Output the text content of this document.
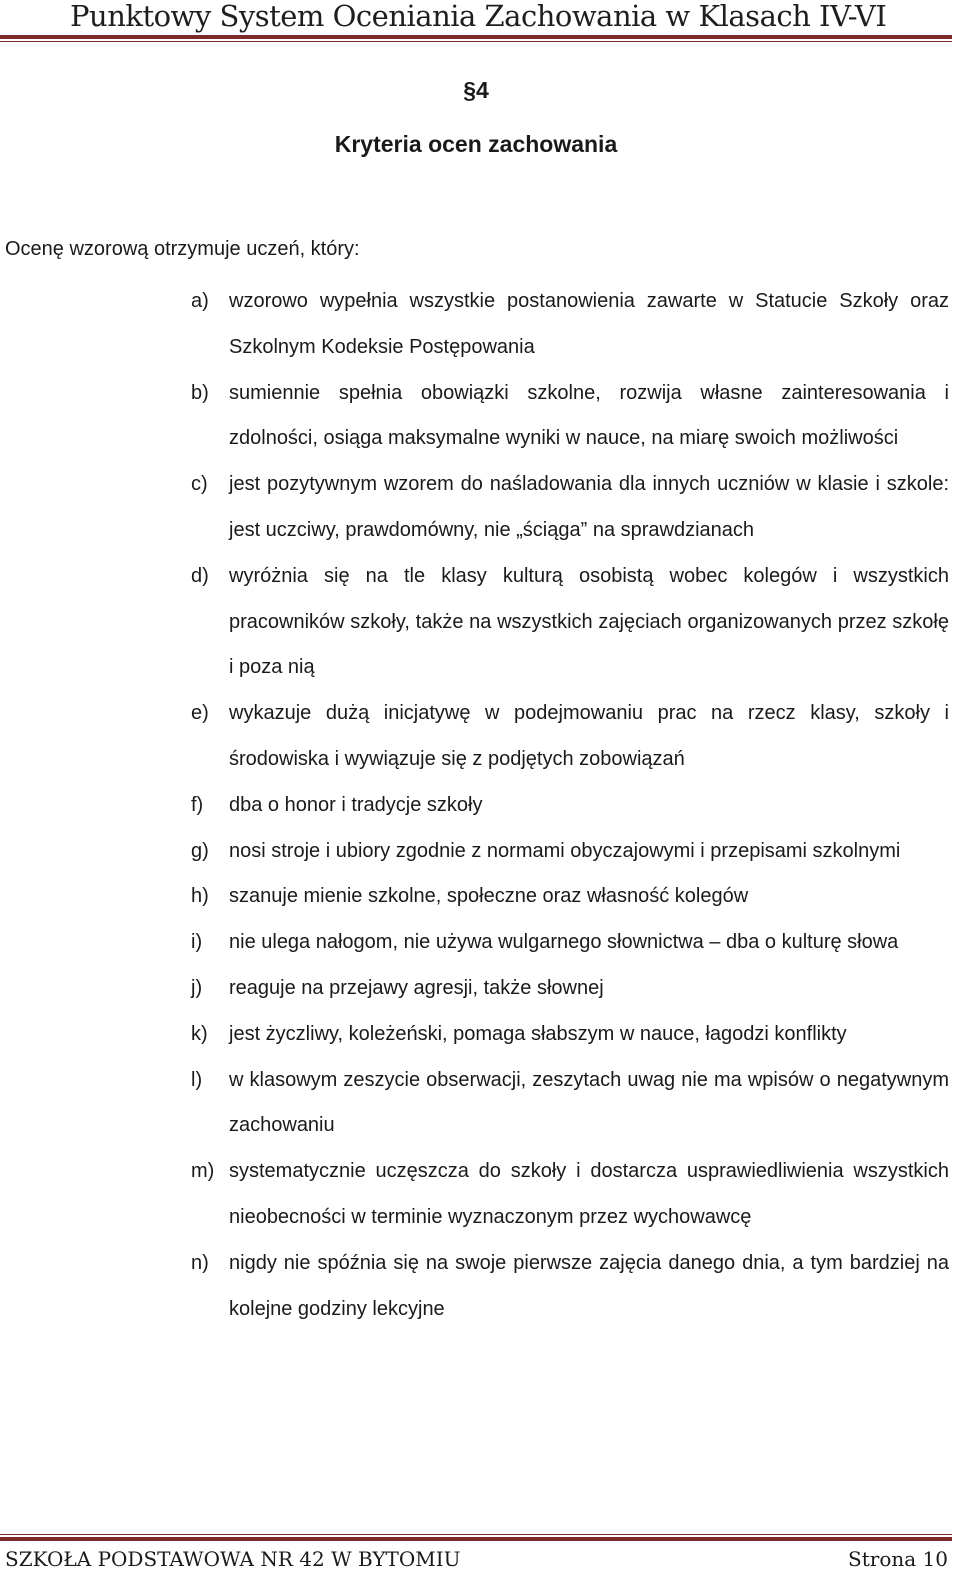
Punktowy System Oceniania Zachowania w Klasach IV-VI
§4
Kryteria ocen zachowania
Ocenę wzorową otrzymuje uczeń, który:
a) wzorowo wypełnia wszystkie postanowienia zawarte w Statucie Szkoły oraz Szkolnym Kodeksie Postępowania
b) sumiennie spełnia obowiązki szkolne, rozwija własne zainteresowania i zdolności, osiąga maksymalne wyniki w nauce, na miarę swoich możliwości
c) jest pozytywnym wzorem do naśladowania dla innych uczniów w klasie i szkole: jest uczciwy, prawdomówny, nie „ściąga” na sprawdzianach
d) wyróżnia się na tle klasy kulturą osobistą wobec kolegów i wszystkich pracowników szkoły, także na wszystkich zajęciach organizowanych przez szkołę i poza nią
e) wykazuje dużą inicjatywę w podejmowaniu prac na rzecz klasy, szkoły i środowiska i wywiązuje się z podjętych zobowiązań
f) dba o honor i tradycje szkoły
g) nosi stroje i ubiory zgodnie z normami obyczajowymi i przepisami szkolnymi
h) szanuje mienie szkolne, społeczne oraz własność kolegów
i) nie ulega nałogom, nie używa wulgarnego słownictwa – dba o kulturę słowa
j) reaguje na przejawy agresji, także słownej
k) jest życzliwy, koleżeński, pomaga słabszym w nauce, łagodzi konflikty
l) w klasowym zeszycie obserwacji, zeszytach uwag nie ma wpisów o negatywnym zachowaniu
m) systematycznie uczęszcza do szkoły i dostarcza usprawiedliwienia wszystkich nieobecności w terminie wyznaczonym przez wychowawcę
n) nigdy nie spóźnia się na swoje pierwsze zajęcia danego dnia, a tym bardziej na kolejne godziny lekcyjne
SZKOŁA PODSTAWOWA NR 42 W BYTOMIU	Strona 10
